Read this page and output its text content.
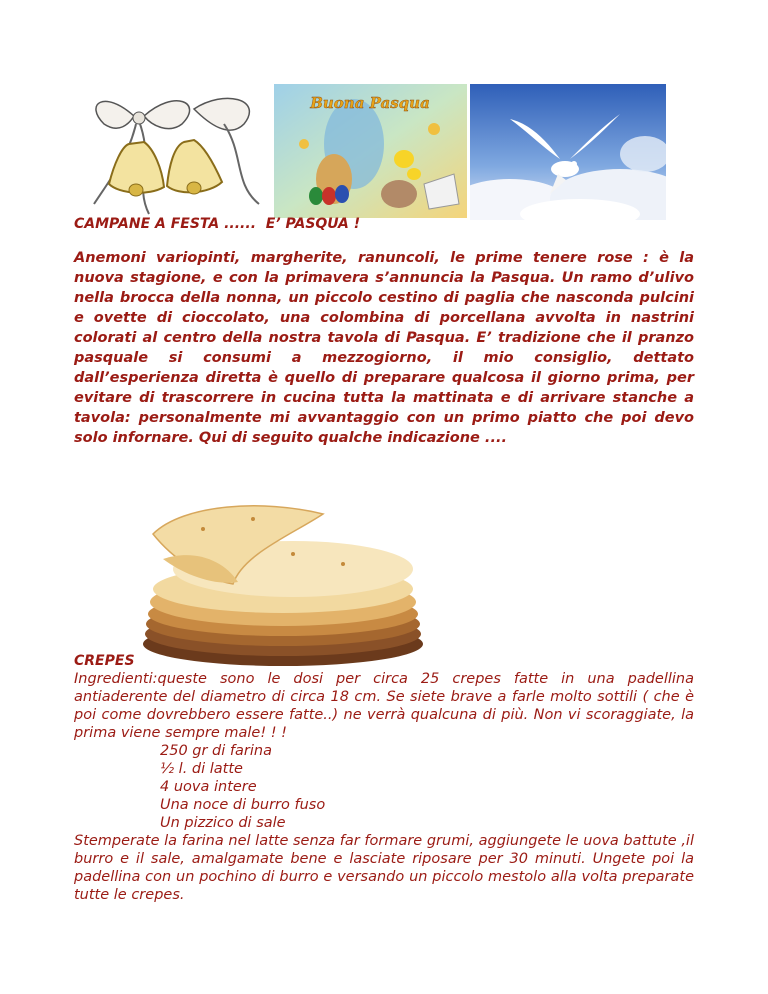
Buona Pasqua
CAMPANE A FESTA ......  E’ PASQUA !

Anemoni variopinti, margherite, ranuncoli, le prime tenere rose : è la nuova stagione, e con la primavera s’annuncia la Pasqua. Un ramo d’ulivo nella brocca della nonna, un piccolo cestino di paglia che nasconda pulcini e ovette di cioccolato, una colombina di porcellana avvolta in nastrini colorati al centro della nostra tavola di Pasqua. E’ tradizione che il pranzo pasquale si consumi a mezzogiorno, il mio consiglio, dettato dall’esperienza diretta è quello di preparare qualcosa il giorno prima, per evitare di trascorrere in cucina tutta la mattinata e di arrivare stanche a tavola: personalmente mi avvantaggio con un primo piatto che poi devo solo infornare. Qui di seguito qualche indicazione ....

CREPES

Ingredienti:queste sono le dosi per circa 25 crepes fatte in una padellina antiaderente del diametro di circa 18 cm. Se siete brave a farle molto sottili ( che è poi come dovrebbero essere fatte..) ne verrà qualcuna di più. Non vi scoraggiate, la prima viene sempre male! ! !

250 gr di farina
½ l. di latte
4 uova intere
Una noce di burro fuso
Un pizzico di sale

Stemperate la farina nel latte senza far formare grumi, aggiungete le uova battute ,il burro e il sale, amalgamate bene e lasciate riposare per 30 minuti. Ungete poi la padellina con un pochino di burro e versando un piccolo mestolo alla volta preparate tutte le crepes.
